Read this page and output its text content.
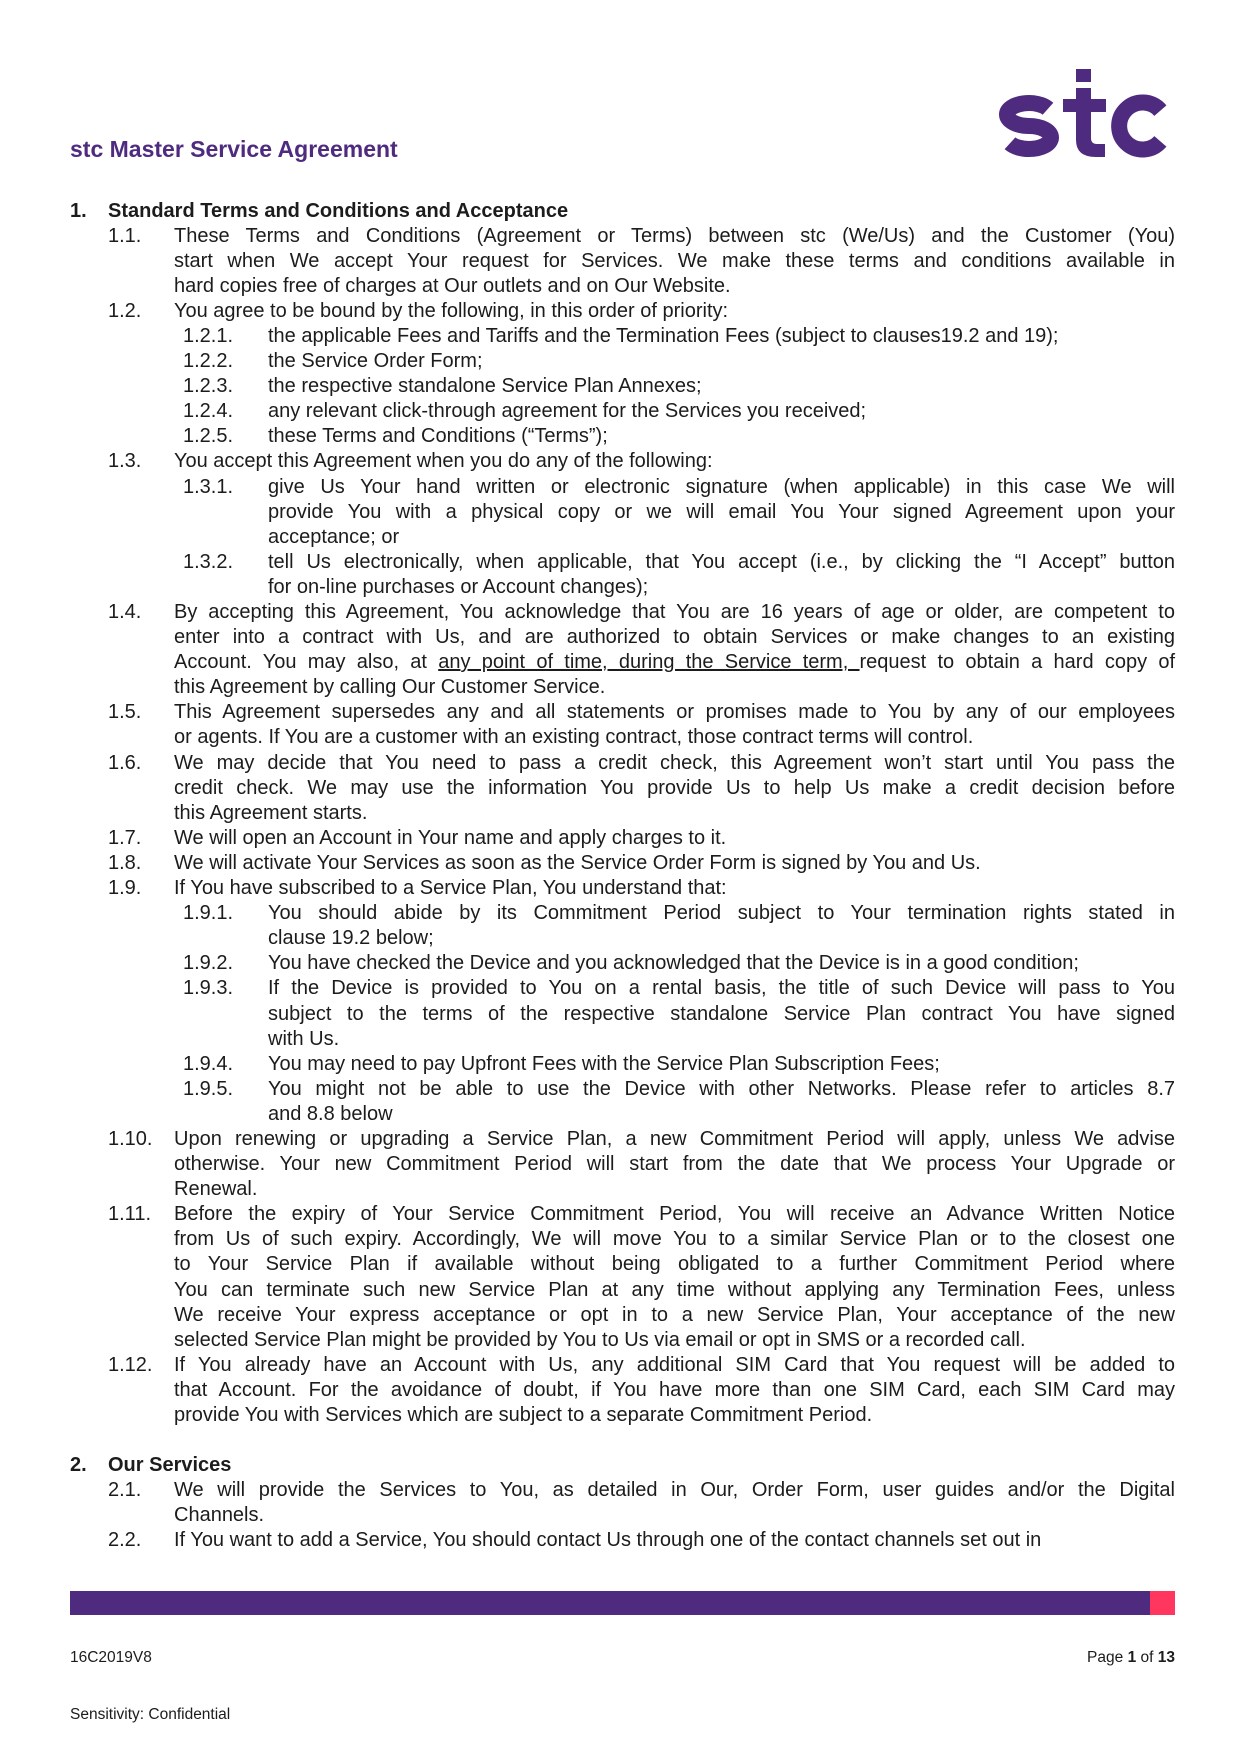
stc Master Service Agreement
1. Standard Terms and Conditions and Acceptance
1.1. These Terms and Conditions (Agreement or Terms) between stc (We/Us) and the Customer (You)
start when We accept Your request for Services. We make these terms and conditions available in
hard copies free of charges at Our outlets and on Our Website.
1.2. You agree to be bound by the following, in this order of priority:
1.2.1. the applicable Fees and Tariffs and the Termination Fees (subject to clauses19.2 and 19);
1.2.2. the Service Order Form;
1.2.3. the respective standalone Service Plan Annexes;
1.2.4. any relevant click-through agreement for the Services you received;
1.2.5. these Terms and Conditions (“Terms”);
1.3. You accept this Agreement when you do any of the following:
1.3.1. give Us Your hand written or electronic signature (when applicable) in this case We will
provide You with a physical copy or we will email You Your signed Agreement upon your
acceptance; or
1.3.2. tell Us electronically, when applicable, that You accept (i.e., by clicking the “I Accept” button
for on-line purchases or Account changes);
1.4. By accepting this Agreement, You acknowledge that You are 16 years of age or older, are competent to
enter into a contract with Us, and are authorized to obtain Services or make changes to an existing
Account. You may also, at any point of time, during the Service term, request to obtain a hard copy of
this Agreement by calling Our Customer Service.
1.5. This Agreement supersedes any and all statements or promises made to You by any of our employees
or agents. If You are a customer with an existing contract, those contract terms will control.
1.6. We may decide that You need to pass a credit check, this Agreement won’t start until You pass the
credit check. We may use the information You provide Us to help Us make a credit decision before
this Agreement starts.
1.7. We will open an Account in Your name and apply charges to it.
1.8. We will activate Your Services as soon as the Service Order Form is signed by You and Us.
1.9. If You have subscribed to a Service Plan, You understand that:
1.9.1. You should abide by its Commitment Period subject to Your termination rights stated in
clause 19.2 below;
1.9.2. You have checked the Device and you acknowledged that the Device is in a good condition;
1.9.3. If the Device is provided to You on a rental basis, the title of such Device will pass to You
subject to the terms of the respective standalone Service Plan contract You have signed
with Us.
1.9.4. You may need to pay Upfront Fees with the Service Plan Subscription Fees;
1.9.5. You might not be able to use the Device with other Networks. Please refer to articles 8.7
and 8.8 below
1.10. Upon renewing or upgrading a Service Plan, a new Commitment Period will apply, unless We advise
otherwise. Your new Commitment Period will start from the date that We process Your Upgrade or
Renewal.
1.11. Before the expiry of Your Service Commitment Period, You will receive an Advance Written Notice
from Us of such expiry. Accordingly, We will move You to a similar Service Plan or to the closest one
to Your Service Plan if available without being obligated to a further Commitment Period where
You can terminate such new Service Plan at any time without applying any Termination Fees, unless
We receive Your express acceptance or opt in to a new Service Plan, Your acceptance of the new
selected Service Plan might be provided by You to Us via email or opt in SMS or a recorded call.
1.12. If You already have an Account with Us, any additional SIM Card that You request will be added to
that Account. For the avoidance of doubt, if You have more than one SIM Card, each SIM Card may
provide You with Services which are subject to a separate Commitment Period.
2. Our Services
2.1. We will provide the Services to You, as detailed in Our, Order Form, user guides and/or the Digital
Channels.
2.2. If You want to add a Service, You should contact Us through one of the contact channels set out in
16C2019V8	Page 1 of 13
Sensitivity: Confidential
